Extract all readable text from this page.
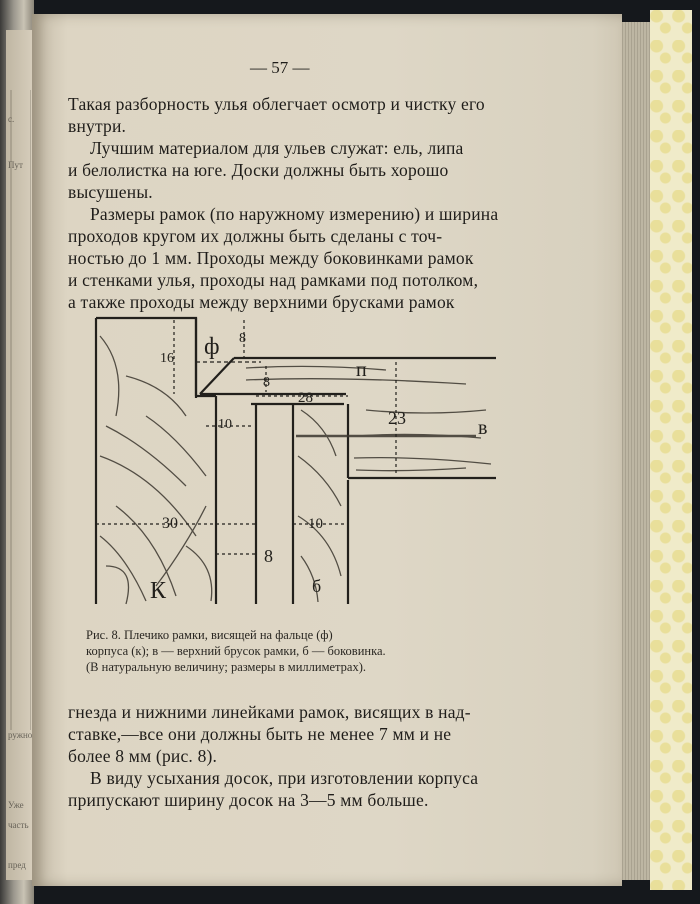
с.
Пут
ружно
Уже
часть
пред
— 57 —
Такая разборность улья облегчает осмотр и чистку его
внутри.
Лучшим материалом для ульев служат: ель, липа
и белолистка на юге. Доски должны быть хорошо
высушены.
Размеры рамок (по наружному измерению) и ширина
проходов кругом их должны быть сделаны с точ-
ностью до 1 мм. Проходы между боковинками рамок
и стенками улья, проходы над рамками под потолком,
а также проходы между верхними брусками рамок
ф
п
К
в
б
8
8
16
28
23
10
10
30
8
Рис. 8. Плечико рамки, висящей на фальце (ф)
корпуса (к); в — верхний брусок рамки, б — боковинка.
(В натуральную величину; размеры в миллиметрах).
гнезда и нижними линейками рамок, висящих в над-
ставке,—все они должны быть не менее 7 мм и не
более 8 мм (рис. 8).
В виду усыхания досок, при изготовлении корпуса
припускают ширину досок на 3—5 мм больше.
